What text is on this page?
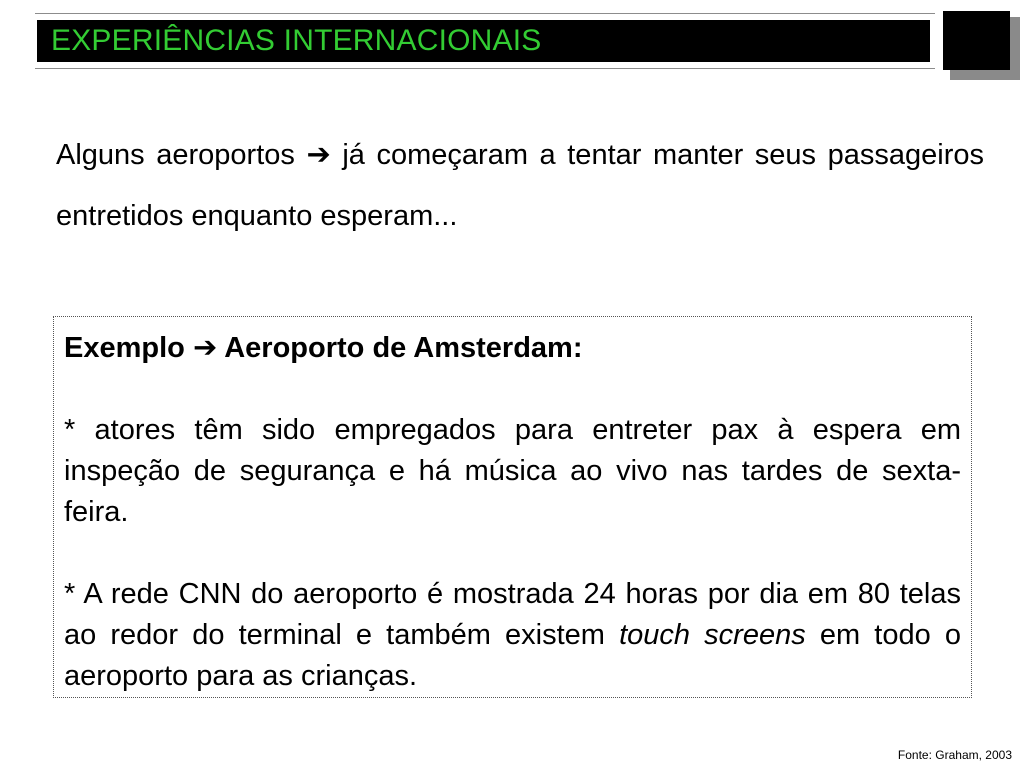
EXPERIÊNCIAS INTERNACIONAIS

Alguns aeroportos ➔ já começaram a tentar manter seus passageiros entretidos enquanto esperam...

Exemplo ➔ Aeroporto de Amsterdam:

* atores têm sido empregados para entreter pax à espera em inspeção de segurança e há música ao vivo nas tardes de sexta-feira.

* A rede CNN do aeroporto é mostrada 24 horas por dia em 80 telas ao redor do terminal e também existem touch screens em todo o aeroporto para as crianças.

Fonte: Graham, 2003
